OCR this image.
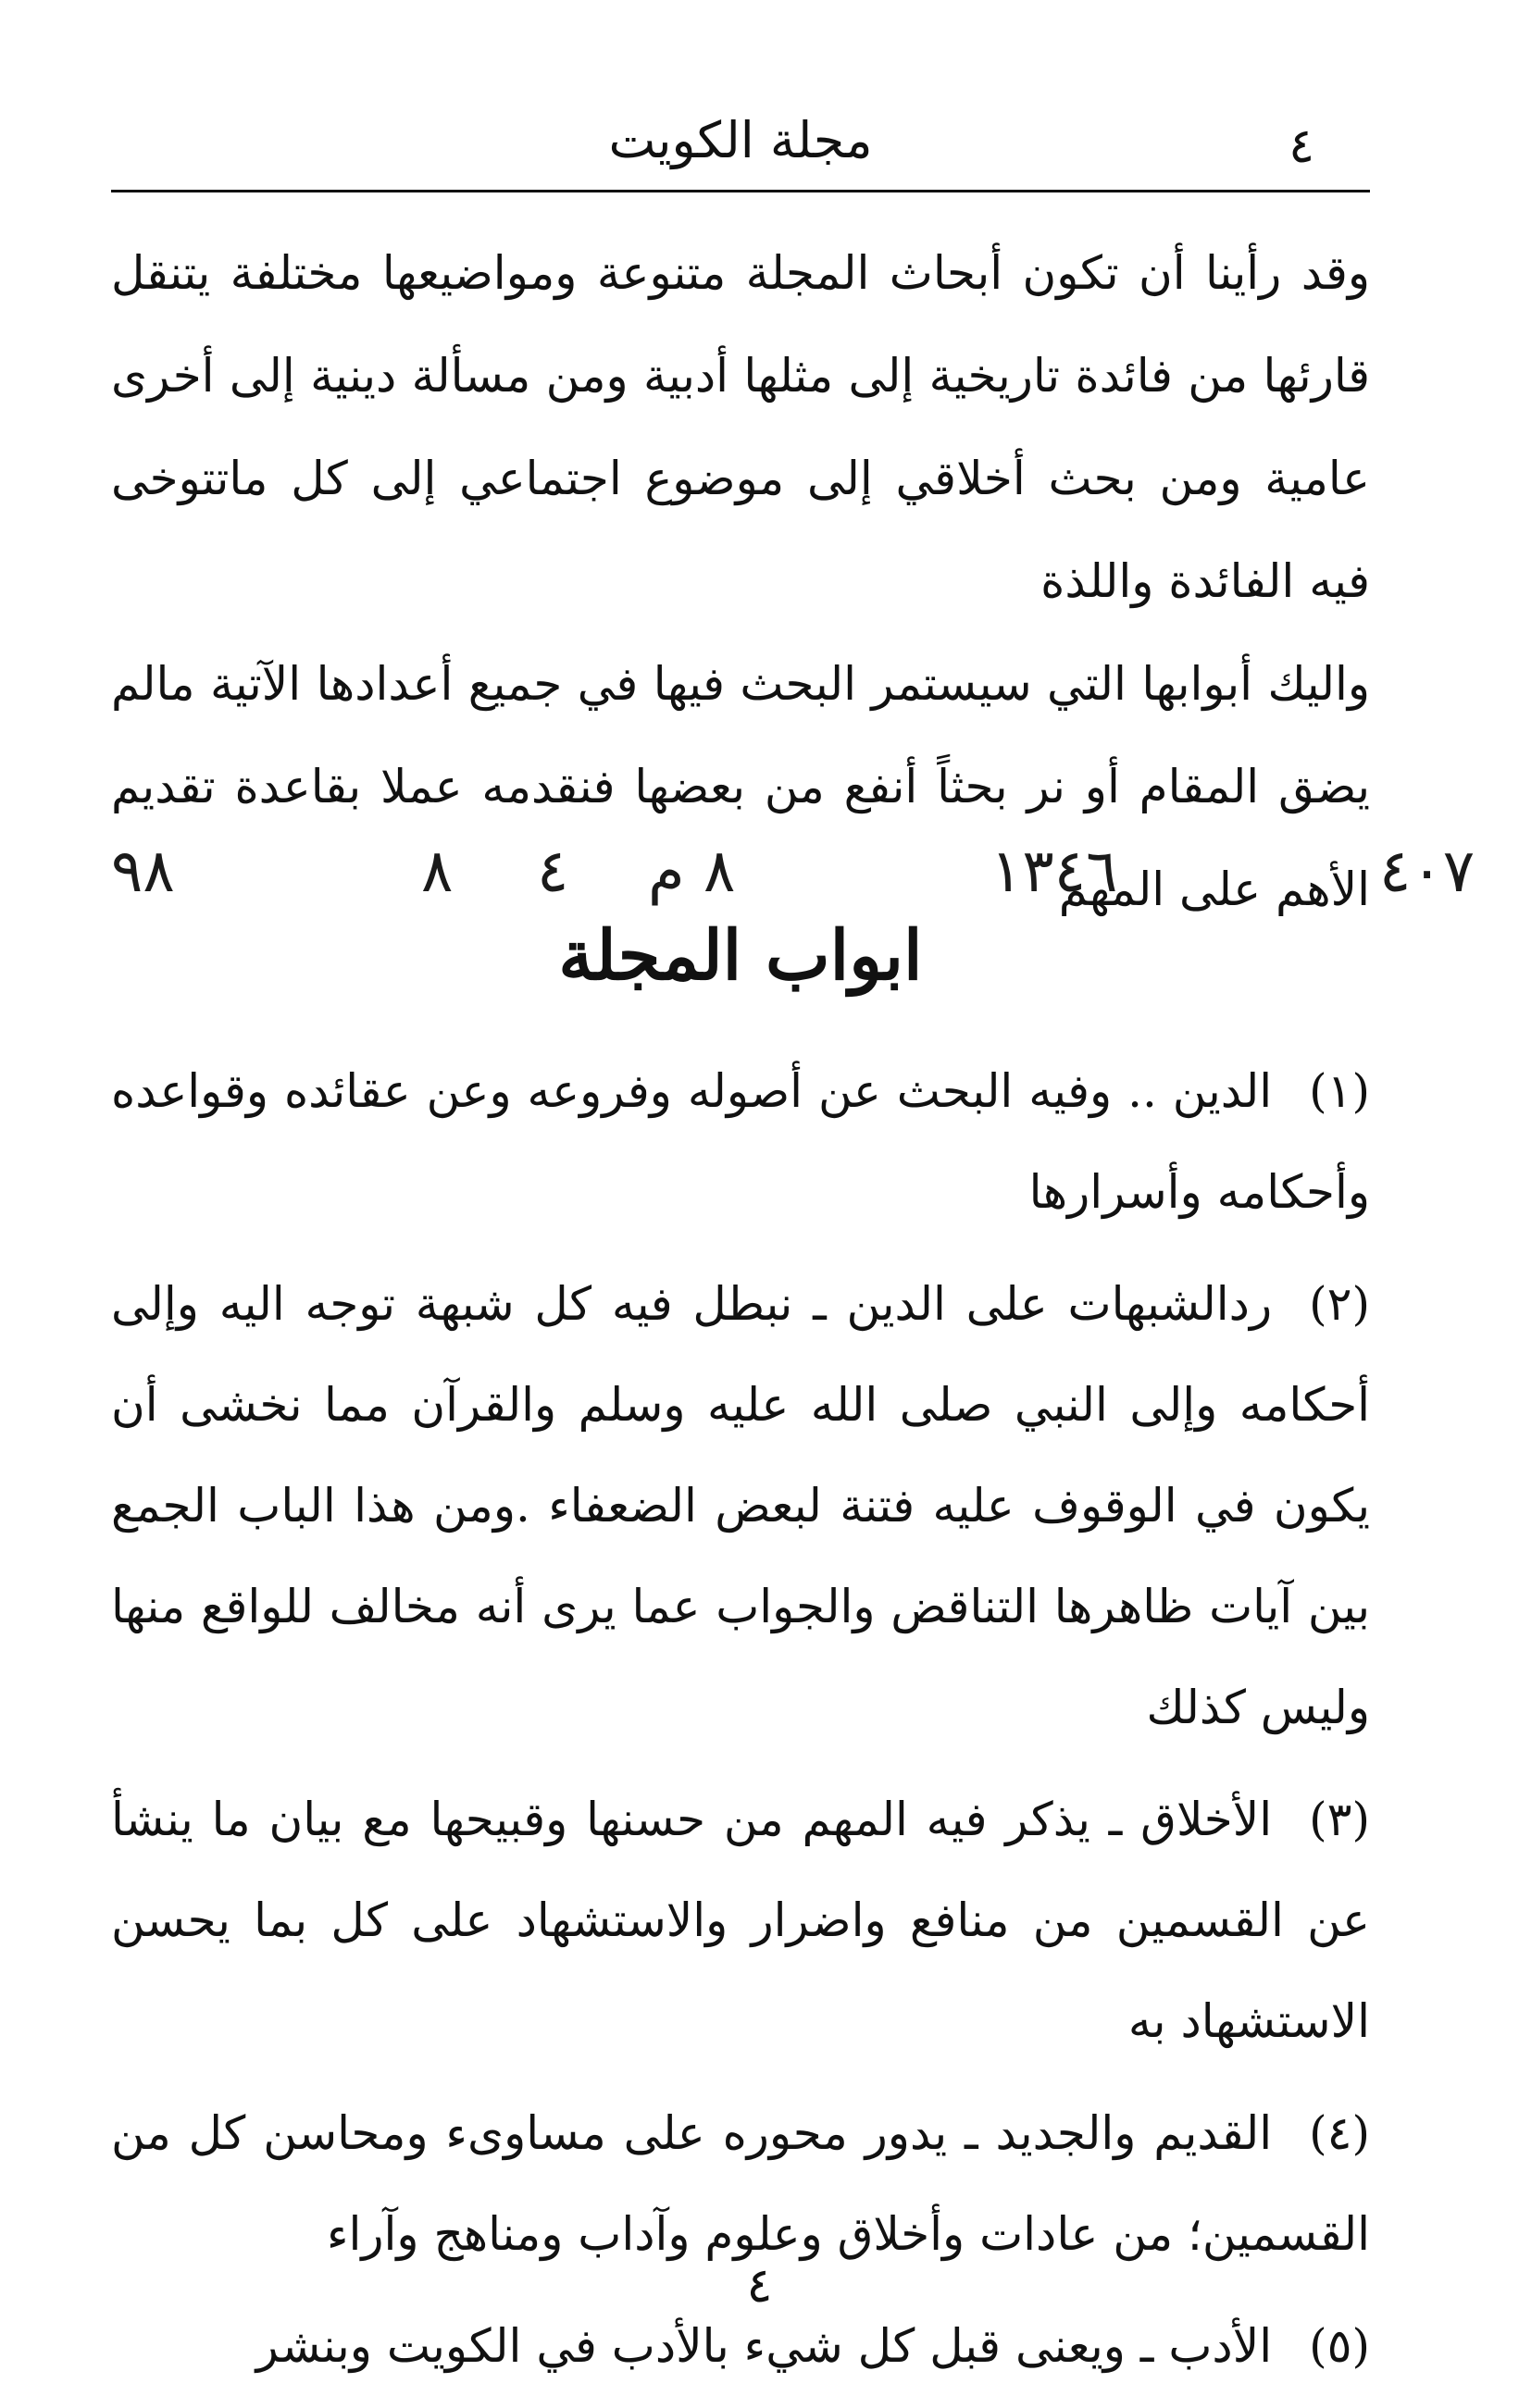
٤
مجلة الكويت

وقد رأينا أن تكون أبحاث المجلة متنوعة ومواضيعها مختلفة يتنقل قارئها من فائدة تاريخية إلى مثلها أدبية ومن مسألة دينية إلى أخرى عامية ومن بحث أخلاقي إلى موضوع اجتماعي إلى كل ماتتوخى فيه الفائدة واللذة

واليك أبوابها التي سيستمر البحث فيها في جميع أعدادها الآتية مالم يضق المقام أو نر بحثاً أنفع من بعضها فنقدمه عملا بقاعدة تقديم الأهم على المهم

٩٨	٨ ٤ ٨ م	١٣٤٦	٤٠٧
ابواب المجلة

(١)الدين .. وفيه البحث عن أصوله وفروعه وعن عقائده وقواعده وأحكامه وأسرارها

(٢)ردالشبهات على الدين ـ نبطل فيه كل شبهة توجه اليه وإلى أحكامه وإلى النبي صلى الله عليه وسلم والقرآن مما نخشى أن يكون في الوقوف عليه فتنة لبعض الضعفاء .ومن هذا الباب الجمع بين آيات ظاهرها التناقض والجواب عما يرى أنه مخالف للواقع منها وليس كذلك

(٣)الأخلاق ـ يذكر فيه المهم من حسنها وقبيحها مع بيان ما ينشأ عن القسمين من منافع واضرار والاستشهاد على كل بما يحسن الاستشهاد به

(٤)القديم والجديد ـ يدور محوره على مساوىء ومحاسن كل من القسمين؛ من عادات وأخلاق وعلوم وآداب ومناهج وآراء

(٥)الأدب ـ ويعنى قبل كل شيء بالأدب في الكويت وبنشر

٤
